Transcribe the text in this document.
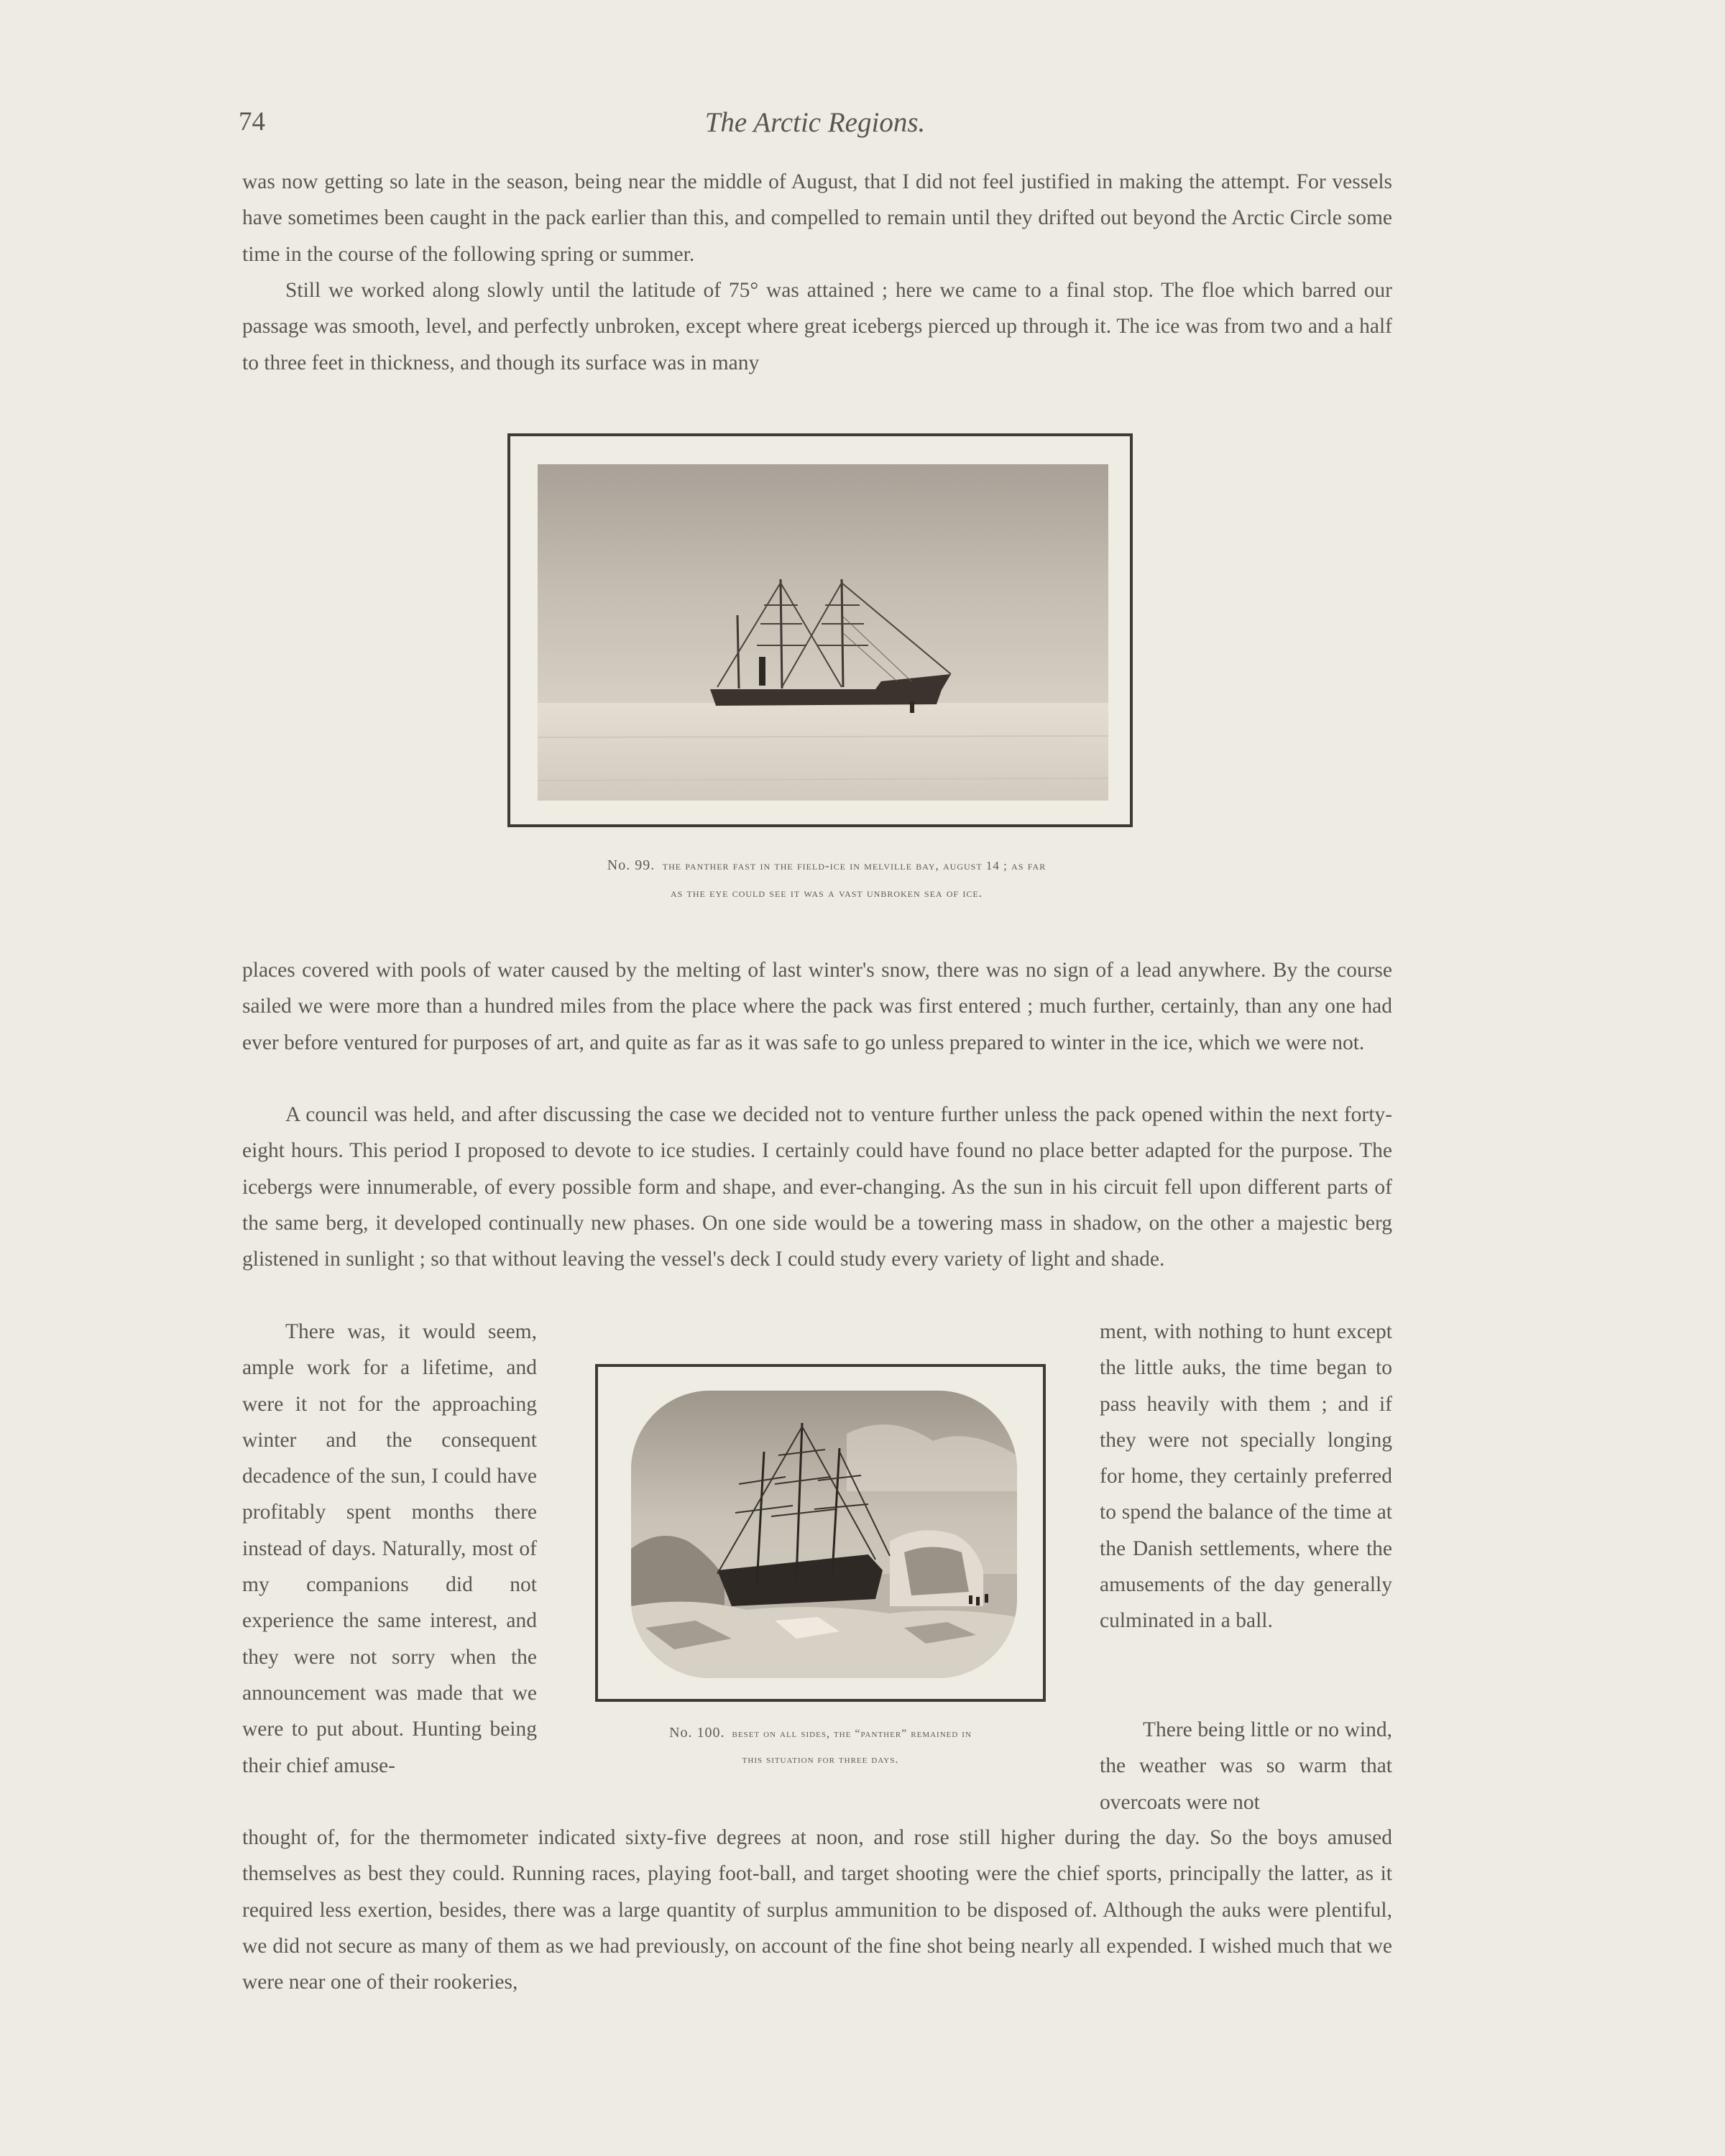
74	The Arctic Regions.

was now getting so late in the season, being near the middle of August, that I did not feel justified in making the attempt. For vessels have sometimes been caught in the pack earlier than this, and compelled to remain until they drifted out beyond the Arctic Circle some time in the course of the following spring or summer.

Still we worked along slowly until the latitude of 75° was attained ; here we came to a final stop. The floe which barred our passage was smooth, level, and perfectly unbroken, except where great icebergs pierced up through it. The ice was from two and a half to three feet in thickness, and though its surface was in many

No. 99. the panther fast in the field-ice in melville bay, august 14 ; as far
as the eye could see it was a vast unbroken sea of ice.

places covered with pools of water caused by the melting of last winter's snow, there was no sign of a lead anywhere. By the course sailed we were more than a hundred miles from the place where the pack was first entered ; much further, certainly, than any one had ever before ventured for purposes of art, and quite as far as it was safe to go unless prepared to winter in the ice, which we were not.

A council was held, and after discussing the case we decided not to venture further unless the pack opened within the next forty-eight hours. This period I proposed to devote to ice studies. I certainly could have found no place better adapted for the purpose. The icebergs were innumerable, of every possible form and shape, and ever-changing. As the sun in his circuit fell upon different parts of the same berg, it developed continually new phases. On one side would be a towering mass in shadow, on the other a majestic berg glistened in sunlight ; so that without leaving the vessel's deck I could study every variety of light and shade.

There was, it would seem, ample work for a lifetime, and were it not for the approaching winter and the consequent decadence of the sun, I could have profitably spent months there instead of days. Naturally, most of my companions did not experience the same interest, and they were not sorry when the announcement was made that we were to put about. Hunting being their chief amuse-

ment, with nothing to hunt except the little auks, the time began to pass heavily with them ; and if they were not specially longing for home, they certainly preferred to spend the balance of the time at the Danish settlements, where the amusements of the day generally culminated in a ball.

There being little or no wind, the weather was so warm that overcoats were not

No. 100. beset on all sides, the “panther” remained in
this situation for three days.

thought of, for the thermometer indicated sixty-five degrees at noon, and rose still higher during the day. So the boys amused themselves as best they could. Running races, playing foot-ball, and target shooting were the chief sports, principally the latter, as it required less exertion, besides, there was a large quantity of surplus ammunition to be disposed of. Although the auks were plentiful, we did not secure as many of them as we had previously, on account of the fine shot being nearly all expended. I wished much that we were near one of their rookeries,
